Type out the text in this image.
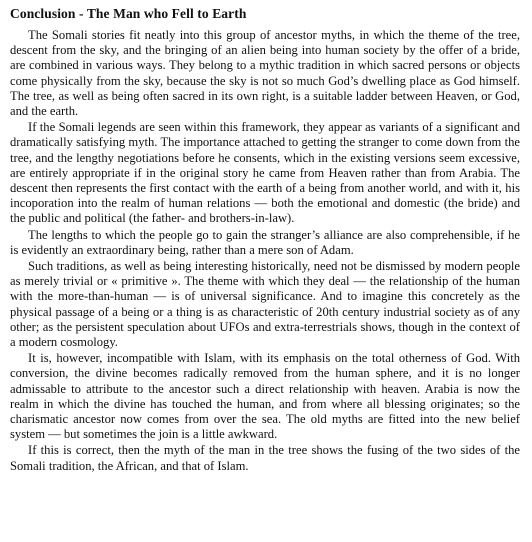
Conclusion - The Man who Fell to Earth

The Somali stories fit neatly into this group of ancestor myths, in which the theme of the tree, descent from the sky, and the bringing of an alien being into human society by the offer of a bride, are combined in various ways. They belong to a mythic tradition in which sacred persons or objects come physically from the sky, because the sky is not so much God’s dwelling place as God himself. The tree, as well as being often sacred in its own right, is a suitable ladder between Heaven, or God, and the earth.

If the Somali legends are seen within this framework, they appear as variants of a significant and dramatically satisfying myth. The importance attached to getting the stranger to come down from the tree, and the lengthy negotiations before he consents, which in the existing versions seem excessive, are entirely appropriate if in the original story he came from Heaven rather than from Arabia. The descent then represents the first contact with the earth of a being from another world, and with it, his incoporation into the realm of human relations — both the emotional and domestic (the bride) and the public and political (the father- and brothers-in-law).

The lengths to which the people go to gain the stranger’s alliance are also comprehensible, if he is evidently an extraordinary being, rather than a mere son of Adam.

Such traditions, as well as being interesting historically, need not be dismissed by modern people as merely trivial or « primitive ». The theme with which they deal — the relationship of the human with the more-than-human — is of universal significance. And to imagine this concretely as the physical passage of a being or a thing is as characteristic of 20th century industrial society as of any other; as the persistent speculation about UFOs and extra-terrestrials shows, though in the context of a modern cosmology.

It is, however, incompatible with Islam, with its emphasis on the total otherness of God. With conversion, the divine becomes radically removed from the human sphere, and it is no longer admissable to attribute to the ancestor such a direct relationship with heaven. Arabia is now the realm in which the divine has touched the human, and from where all blessing originates; so the charismatic ancestor now comes from over the sea. The old myths are fitted into the new belief system — but sometimes the join is a little awkward.

If this is correct, then the myth of the man in the tree shows the fusing of the two sides of the Somali tradition, the African, and that of Islam.
